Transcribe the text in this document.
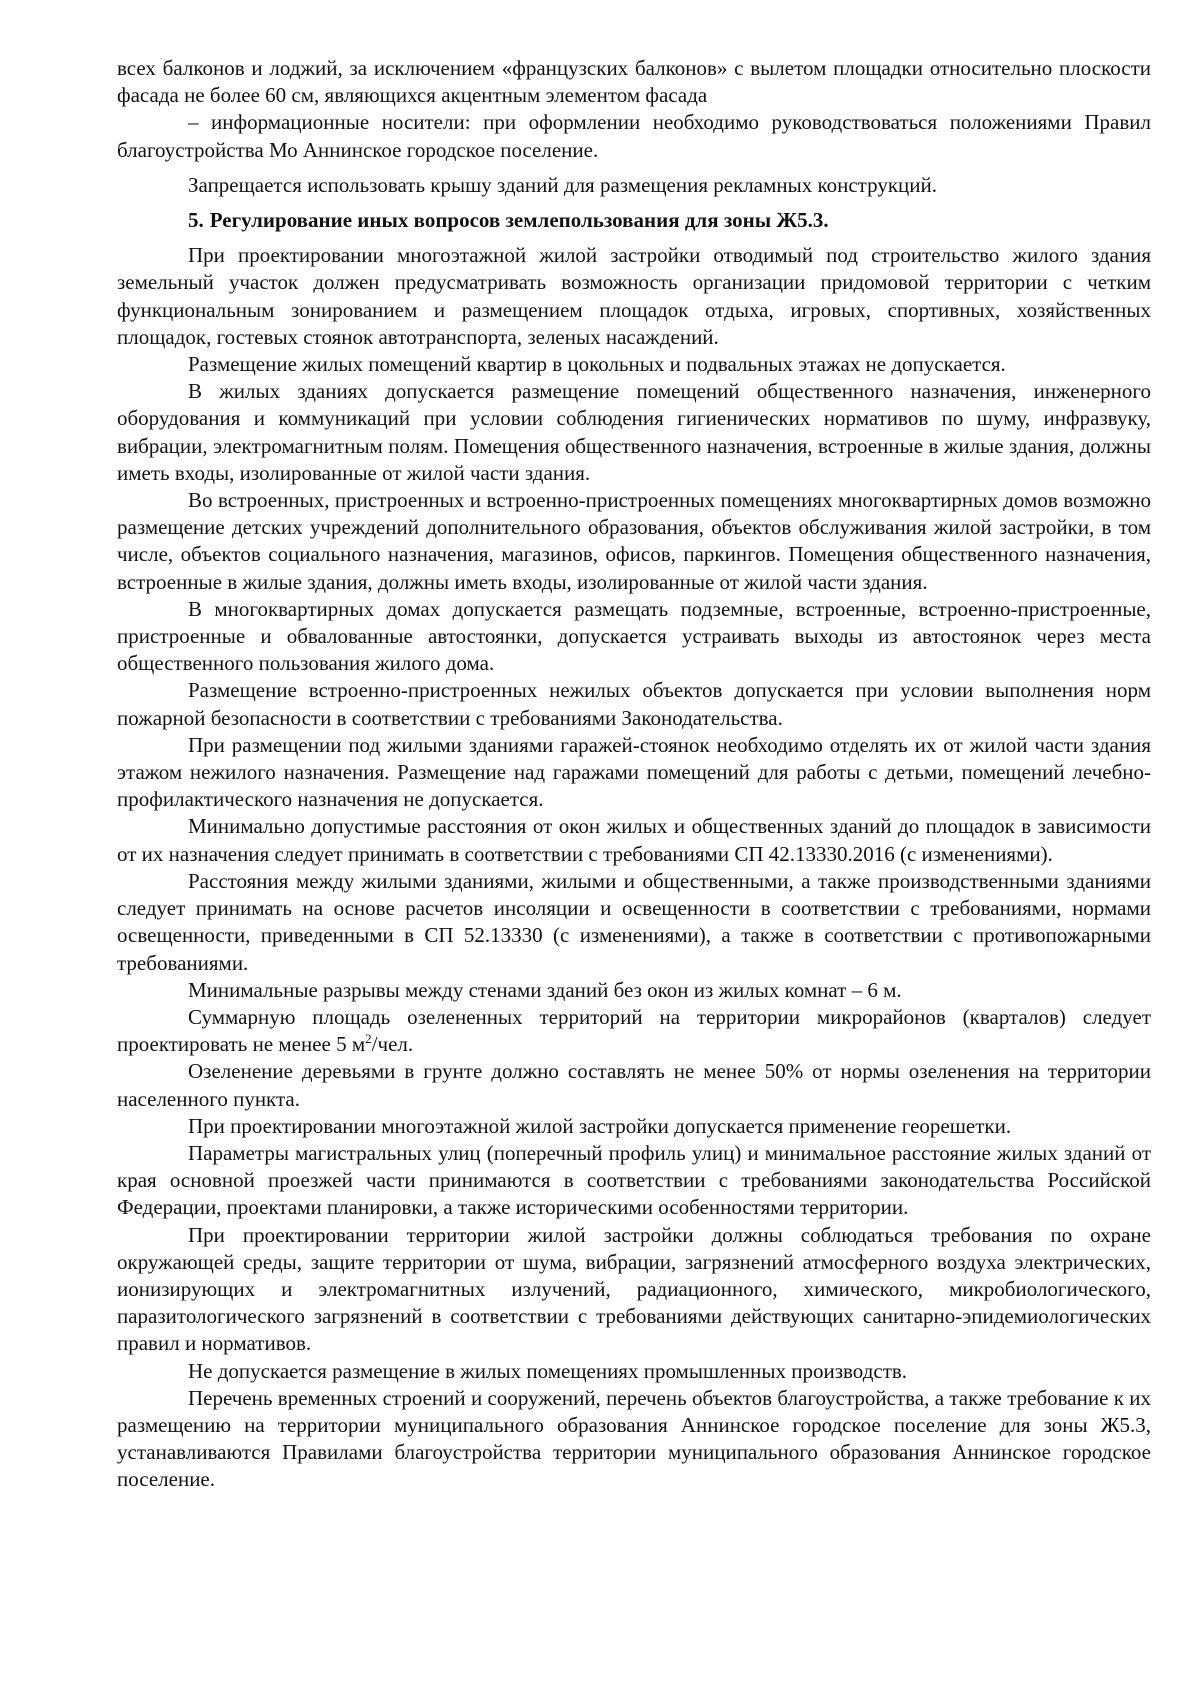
всех балконов и лоджий, за исключением «французских балконов» с вылетом площадки относительно плоскости фасада не более 60 см, являющихся акцентным элементом фасада

– информационные носители: при оформлении необходимо руководствоваться положениями Правил благоустройства Мо Аннинское городское поселение.

Запрещается использовать крышу зданий для размещения рекламных конструкций.

5. Регулирование иных вопросов землепользования для зоны Ж5.3.

При проектировании многоэтажной жилой застройки отводимый под строительство жилого здания земельный участок должен предусматривать возможность организации придомовой территории с четким функциональным зонированием и размещением площадок отдыха, игровых, спортивных, хозяйственных площадок, гостевых стоянок автотранспорта, зеленых насаждений.

Размещение жилых помещений квартир в цокольных и подвальных этажах не допускается.

В жилых зданиях допускается размещение помещений общественного назначения, инженерного оборудования и коммуникаций при условии соблюдения гигиенических нормативов по шуму, инфразвуку, вибрации, электромагнитным полям. Помещения общественного назначения, встроенные в жилые здания, должны иметь входы, изолированные от жилой части здания.

Во встроенных, пристроенных и встроенно-пристроенных помещениях многоквартирных домов возможно размещение детских учреждений дополнительного образования, объектов обслуживания жилой застройки, в том числе, объектов социального назначения, магазинов, офисов, паркингов. Помещения общественного назначения, встроенные в жилые здания, должны иметь входы, изолированные от жилой части здания.

В многоквартирных домах допускается размещать подземные, встроенные, встроенно-пристроенные, пристроенные и обвалованные автостоянки, допускается устраивать выходы из автостоянок через места общественного пользования жилого дома.

Размещение встроенно-пристроенных нежилых объектов допускается при условии выполнения норм пожарной безопасности в соответствии с требованиями Законодательства.

При размещении под жилыми зданиями гаражей-стоянок необходимо отделять их от жилой части здания этажом нежилого назначения. Размещение над гаражами помещений для работы с детьми, помещений лечебно-профилактического назначения не допускается.

Минимально допустимые расстояния от окон жилых и общественных зданий до площадок в зависимости от их назначения следует принимать в соответствии с требованиями СП 42.13330.2016 (с изменениями).

Расстояния между жилыми зданиями, жилыми и общественными, а также производственными зданиями следует принимать на основе расчетов инсоляции и освещенности в соответствии с требованиями, нормами освещенности, приведенными в СП 52.13330 (с изменениями), а также в соответствии с противопожарными требованиями.

Минимальные разрывы между стенами зданий без окон из жилых комнат – 6 м.

Суммарную площадь озелененных территорий на территории микрорайонов (кварталов) следует проектировать не менее 5 $м^2$/чел.

Озеленение деревьями в грунте должно составлять не менее 50% от нормы озеленения на территории населенного пункта.

При проектировании многоэтажной жилой застройки допускается применение георешетки.

Параметры магистральных улиц (поперечный профиль улиц) и минимальное расстояние жилых зданий от края основной проезжей части принимаются в соответствии с требованиями законодательства Российской Федерации, проектами планировки, а также историческими особенностями территории.

При проектировании территории жилой застройки должны соблюдаться требования по охране окружающей среды, защите территории от шума, вибрации, загрязнений атмосферного воздуха электрических, ионизирующих и электромагнитных излучений, радиационного, химического, микробиологического, паразитологического загрязнений в соответствии с требованиями действующих санитарно-эпидемиологических правил и нормативов.

Не допускается размещение в жилых помещениях промышленных производств.

Перечень временных строений и сооружений, перечень объектов благоустройства, а также требование к их размещению на территории муниципального образования Аннинское городское поселение для зоны Ж5.3, устанавливаются Правилами благоустройства территории муниципального образования Аннинское городское поселение.
